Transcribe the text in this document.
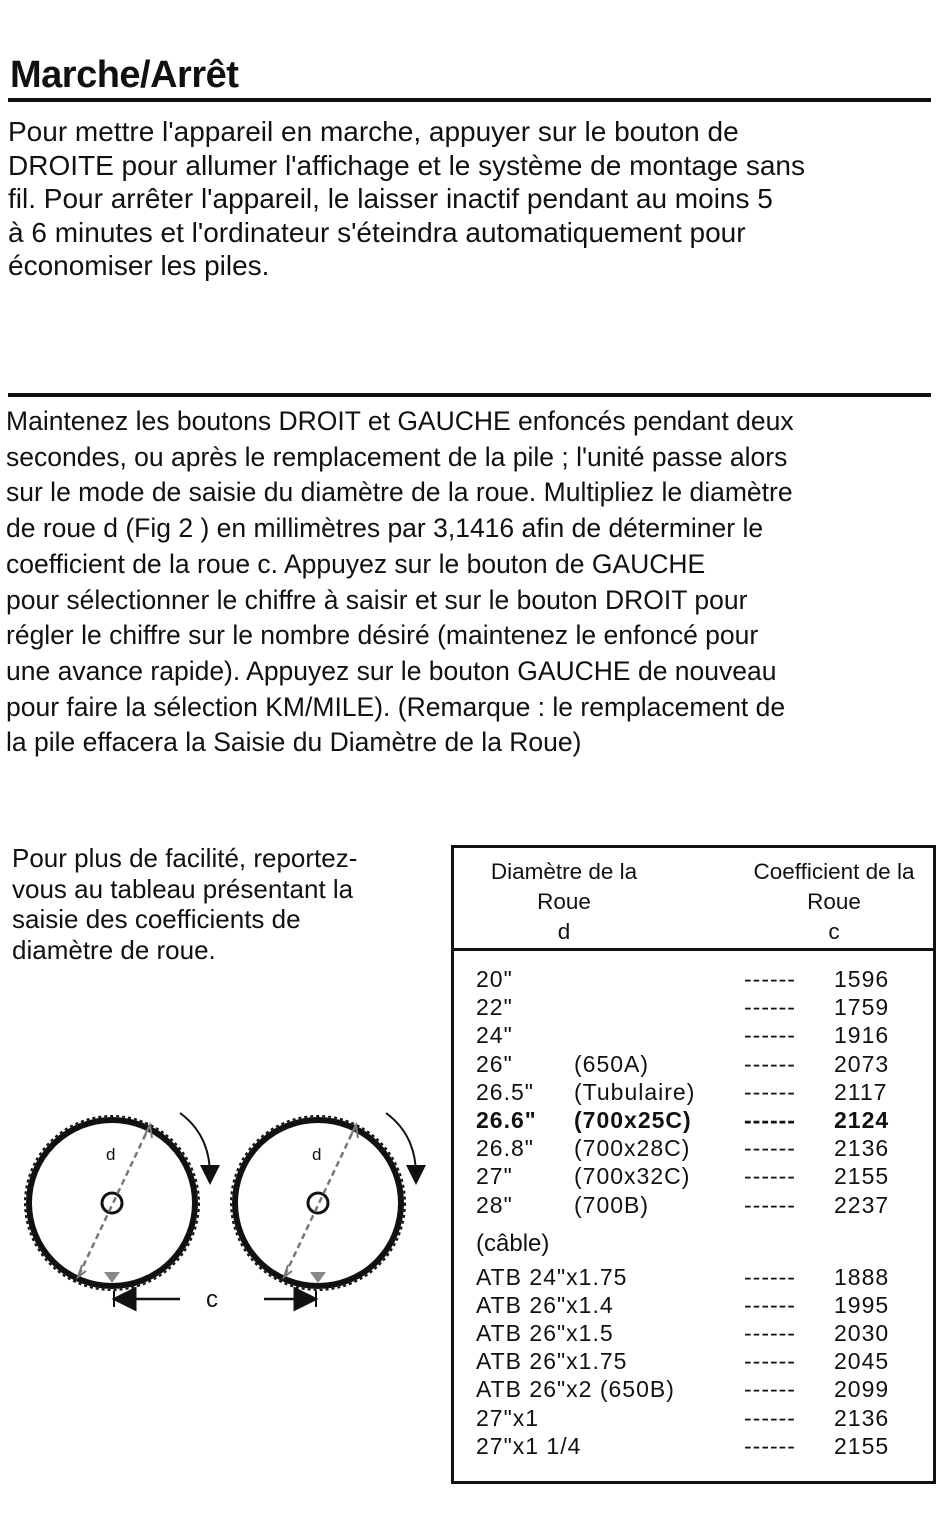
Marche/Arrêt
Pour mettre l'appareil en marche, appuyer sur le bouton de
DROITE pour allumer l'affichage et le système de montage sans
fil. Pour arrêter l'appareil, le laisser inactif pendant au moins 5
à 6 minutes et l'ordinateur s'éteindra automatiquement pour
économiser les piles.
Maintenez les boutons DROIT et GAUCHE enfoncés pendant deux
secondes, ou après le remplacement de la pile ; l'unité passe alors
sur le mode de saisie du diamètre de la roue. Multipliez le diamètre
de roue d (Fig 2 ) en millimètres par 3,1416 afin de déterminer le
coefficient de la roue c. Appuyez sur le bouton de GAUCHE
pour sélectionner le chiffre à saisir et sur le bouton DROIT pour
régler le chiffre sur le nombre désiré (maintenez le enfoncé pour
une avance rapide). Appuyez sur le bouton GAUCHE de nouveau
pour faire la sélection KM/MILE). (Remarque : le remplacement de
la pile effacera la Saisie du Diamètre de la Roue)
Pour plus de facilité, reportez-
vous au tableau présentant la
saisie des coefficients de
diamètre de roue.
d	d
c
Diamètre de la
Roue
d
Coefficient de la
Roue
c
20"	------ 1596
22"	------ 1759
24"	------ 1916
26"	(650A)	------ 2073
26.5" (Tubulaire) ------ 2117
26.6" (700x25C) ------ 2124
26.8" (700x28C) ------ 2136
27"	(700x32C) ------ 2155
28"	(700B)	------ 2237
(câble)
ATB 24"x1.75	------ 1888
ATB 26"x1.4	------ 1995
ATB 26"x1.5	------ 2030
ATB 26"x1.75	------ 2045
ATB 26"x2 (650B)	------ 2099
27"x1	------ 2136
27"x1 1/4	------ 2155
